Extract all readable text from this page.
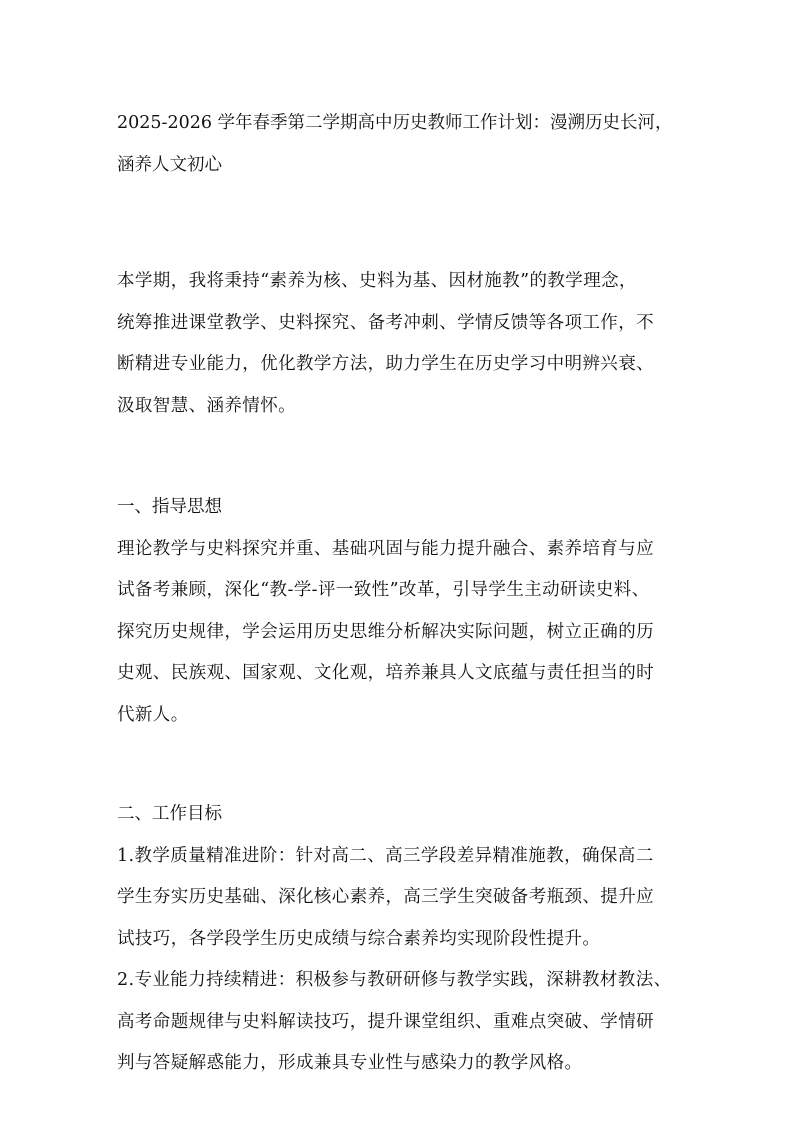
2025-2026 学年春季第二学期高中历史教师工作计划：漫溯历史长河，
涵养人文初心
本学期，我将秉持“素养为核、史料为基、因材施教”的教学理念，
统筹推进课堂教学、史料探究、备考冲刺、学情反馈等各项工作，不
断精进专业能力，优化教学方法，助力学生在历史学习中明辨兴衰、
汲取智慧、涵养情怀。
一、指导思想
理论教学与史料探究并重、基础巩固与能力提升融合、素养培育与应
试备考兼顾，深化“教-学-评一致性”改革，引导学生主动研读史料、
探究历史规律，学会运用历史思维分析解决实际问题，树立正确的历
史观、民族观、国家观、文化观，培养兼具人文底蕴与责任担当的时
代新人。
二、工作目标
1.教学质量精准进阶：针对高二、高三学段差异精准施教，确保高二
学生夯实历史基础、深化核心素养，高三学生突破备考瓶颈、提升应
试技巧，各学段学生历史成绩与综合素养均实现阶段性提升。
2.专业能力持续精进：积极参与教研研修与教学实践，深耕教材教法、
高考命题规律与史料解读技巧，提升课堂组织、重难点突破、学情研
判与答疑解惑能力，形成兼具专业性与感染力的教学风格。
